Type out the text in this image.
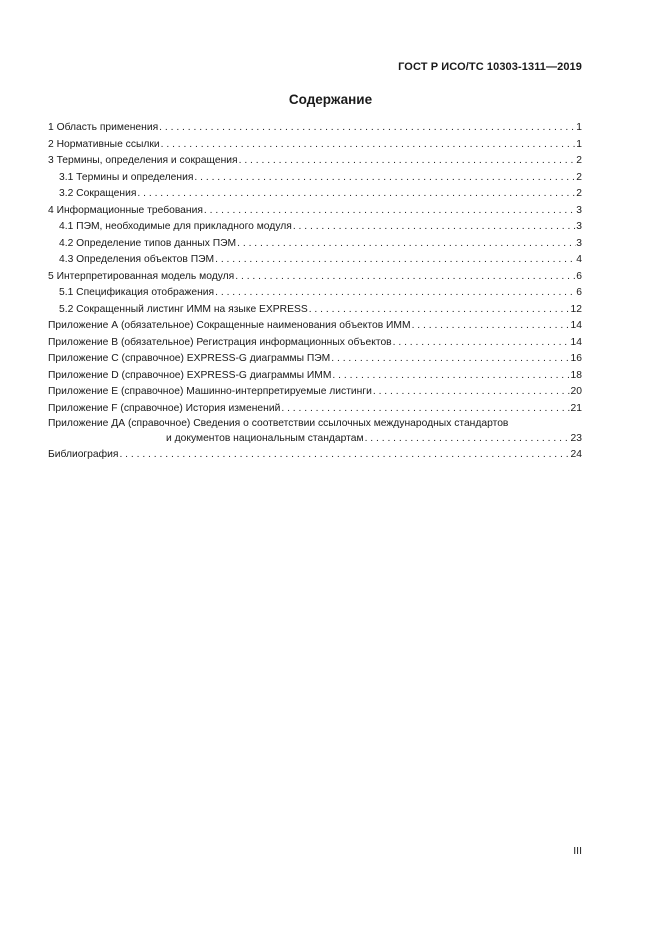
ГОСТ Р ИСО/ТС 10303-1311—2019
Содержание
1 Область применения . . .	1
2 Нормативные ссылки . . .	1
3 Термины, определения и сокращения . . .	2
3.1 Термины и определения . . .	2
3.2 Сокращения . . .	2
4 Информационные требования . . .	3
4.1 ПЭМ, необходимые для прикладного модуля . . .	3
4.2 Определение типов данных ПЭМ . . .	3
4.3 Определения объектов ПЭМ . . .	4
5 Интерпретированная модель модуля . . .	6
5.1 Спецификация отображения . . .	6
5.2 Сокращенный листинг ИММ на языке EXPRESS . . .	12
Приложение А (обязательное) Сокращенные наименования объектов ИММ . . .	14
Приложение В (обязательное) Регистрация информационных объектов . . .	14
Приложение С (справочное) EXPRESS-G диаграммы ПЭМ . . .	16
Приложение D (справочное) EXPRESS-G диаграммы ИММ . . .	18
Приложение E (справочное) Машинно-интерпретируемые листинги . . .	20
Приложение F (справочное) История изменений . . .	21
Приложение ДА (справочное) Сведения о соответствии ссылочных международных стандартов
и документов национальным стандартам . . .	23
Библиография . . .	24
III
